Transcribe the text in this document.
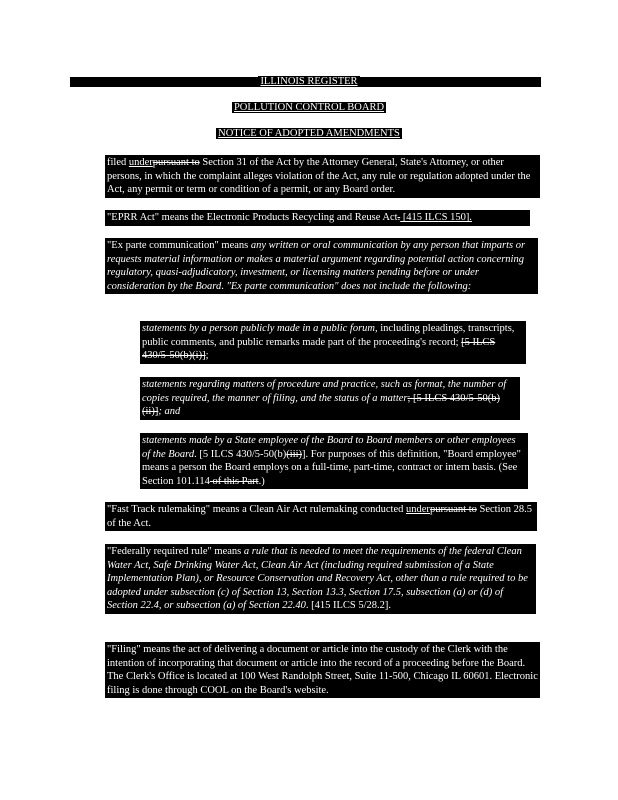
ILLINOIS REGISTER
POLLUTION CONTROL BOARD
NOTICE OF ADOPTED AMENDMENTS
filed underpursuant to Section 31 of the Act by the Attorney General, State's Attorney, or other persons, in which the complaint alleges violation of the Act, any rule or regulation adopted under the Act, any permit or term or condition of a permit, or any Board order.
"EPRR Act" means the Electronic Products Recycling and Reuse Act. [415 ILCS 150].
"Ex parte communication" means any written or oral communication by any person that imparts or requests material information or makes a material argument regarding potential action concerning regulatory, quasi-adjudicatory, investment, or licensing matters pending before or under consideration by the Board. "Ex parte communication" does not include the following:
statements by a person publicly made in a public forum, including pleadings, transcripts, public comments, and public remarks made part of the proceeding's record; [5 ILCS 430/5-50(b)(i)];
statements regarding matters of procedure and practice, such as format, the number of copies required, the manner of filing, and the status of a matter; [5 ILCS 430/5-50(b)(ii)]; and
statements made by a State employee of the Board to Board members or other employees of the Board. [5 ILCS 430/5-50(b)(iii)]. For purposes of this definition, "Board employee" means a person the Board employs on a full-time, part-time, contract or intern basis. (See Section 101.114 of this Part.)
"Fast Track rulemaking" means a Clean Air Act rulemaking conducted underpursuant to Section 28.5 of the Act.
"Federally required rule" means a rule that is needed to meet the requirements of the federal Clean Water Act, Safe Drinking Water Act, Clean Air Act (including required submission of a State Implementation Plan), or Resource Conservation and Recovery Act, other than a rule required to be adopted under subsection (c) of Section 13, Section 13.3, Section 17.5, subsection (a) or (d) of Section 22.4, or subsection (a) of Section 22.40. [415 ILCS 5/28.2].
"Filing" means the act of delivering a document or article into the custody of the Clerk with the intention of incorporating that document or article into the record of a proceeding before the Board. The Clerk's Office is located at 100 West Randolph Street, Suite 11-500, Chicago IL 60601. Electronic filing is done through COOL on the Board's website.
